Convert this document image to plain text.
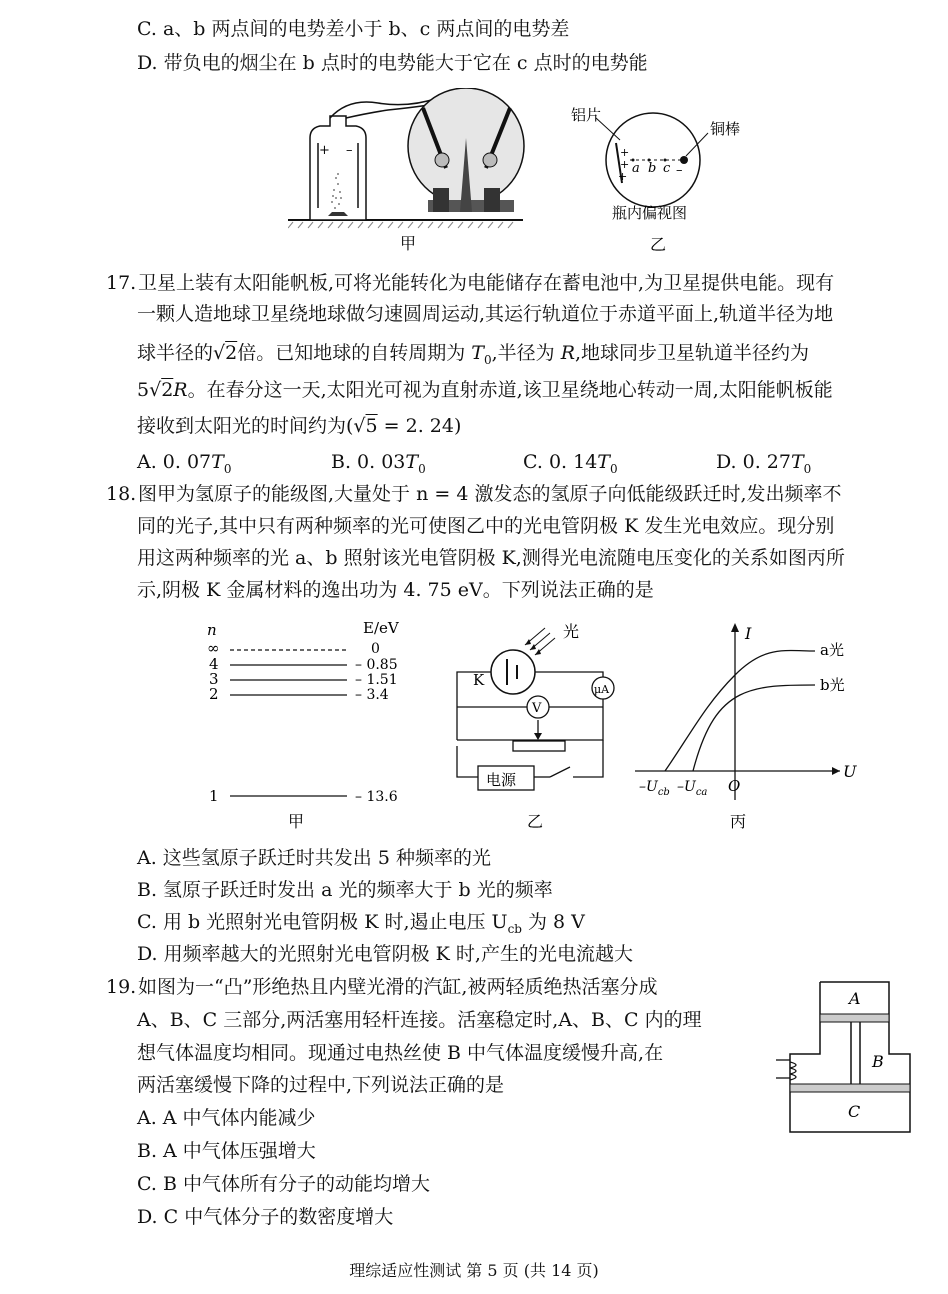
C. a、b 两点间的电势差小于 b、c 两点间的电势差
D. 带负电的烟尘在 b 点时的电势能大于它在 c 点时的电势能
+ –
甲
+
+
+	–
a b c
铝片
铜棒
瓶内偏视图
乙
17.卫星上装有太阳能帆板,可将光能转化为电能储存在蓄电池中,为卫星提供电能。现有
一颗人造地球卫星绕地球做匀速圆周运动,其运行轨道位于赤道平面上,轨道半径为地
球半径的√2倍。已知地球的自转周期为 $T_0$,半径为 R,地球同步卫星轨道半径约为
5√2R。在春分这一天,太阳光可视为直射赤道,该卫星绕地心转动一周,太阳能帆板能
接收到太阳光的时间约为(√5 = 2. 24)
A. 0. $07T_0$	B. 0. $03T_0$	C. 0. $14T_0$	D. 0. $27T_0$
18.图甲为氢原子的能级图,大量处于 n = 4 激发态的氢原子向低能级跃迁时,发出频率不
同的光子,其中只有两种频率的光可使图乙中的光电管阴极 K 发生光电效应。现分别
用这两种频率的光 a、b 照射该光电管阴极 K,测得光电流随电压变化的关系如图丙所
示,阴极 K 金属材料的逸出功为 4. 75 eV。下列说法正确的是
n	E/eV
∞	0
4	– 0.85
3	– 1.51
2	– 3.4
1	– 13.6
甲
光
K
μA
V
电源
乙
I
U
O
a光
b光
$-U_{cb}$ $-U_{ca}$
丙
A. 这些氢原子跃迁时共发出 5 种频率的光
B. 氢原子跃迁时发出 a 光的频率大于 b 光的频率
C. 用 b 光照射光电管阴极 K 时,遏止电压 $U_{cb}$ 为 8 V
D. 用频率越大的光照射光电管阴极 K 时,产生的光电流越大
19.如图为一“凸”形绝热且内壁光滑的汽缸,被两轻质绝热活塞分成
A、B、C 三部分,两活塞用轻杆连接。活塞稳定时,A、B、C 内的理
想气体温度均相同。现通过电热丝使 B 中气体温度缓慢升高,在
两活塞缓慢下降的过程中,下列说法正确的是
A. A 中气体内能减少
B. A 中气体压强增大
C. B 中气体所有分子的动能均增大
D. C 中气体分子的数密度增大
A
B
C
理综适应性测试 第 5 页 (共 14 页)
